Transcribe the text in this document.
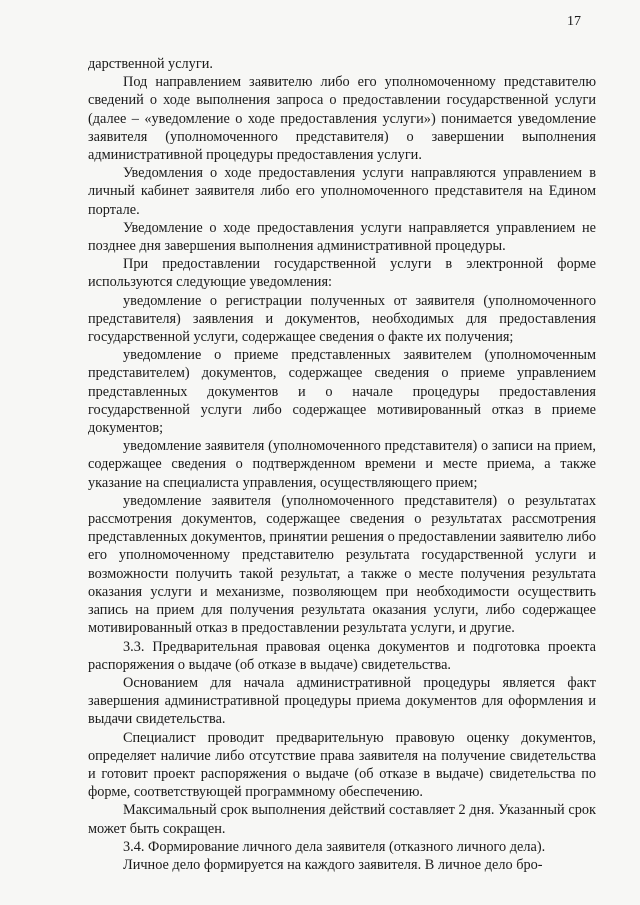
17

дарственной услуги.

Под направлением заявителю либо его уполномоченному представителю сведений о ходе выполнения запроса о предоставлении государственной услуги (далее – «уведомление о ходе предоставления услуги») понимается уведомление заявителя (уполномоченного представителя) о завершении выполнения административной процедуры предоставления услуги.

Уведомления о ходе предоставления услуги направляются управлением в личный кабинет заявителя либо его уполномоченного представителя на Едином портале.

Уведомление о ходе предоставления услуги направляется управлением не позднее дня завершения выполнения административной процедуры.

При предоставлении государственной услуги в электронной форме используются следующие уведомления:

уведомление о регистрации полученных от заявителя (уполномоченного представителя) заявления и документов, необходимых для предоставления государственной услуги, содержащее сведения о факте их получения;

уведомление о приеме представленных заявителем (уполномоченным представителем) документов, содержащее сведения о приеме управлением представленных документов и о начале процедуры предоставления государственной услуги либо содержащее мотивированный отказ в приеме документов;

уведомление заявителя (уполномоченного представителя) о записи на прием, содержащее сведения о подтвержденном времени и месте приема, а также указание на специалиста управления, осуществляющего прием;

уведомление заявителя (уполномоченного представителя) о результатах рассмотрения документов, содержащее сведения о результатах рассмотрения представленных документов, принятии решения о предоставлении заявителю либо его уполномоченному представителю результата государственной услуги и возможности получить такой результат, а также о месте получения результата оказания услуги и механизме, позволяющем при необходимости осуществить запись на прием для получения результата оказания услуги, либо содержащее мотивированный отказ в предоставлении результата услуги, и другие.

3.3. Предварительная правовая оценка документов и подготовка проекта распоряжения о выдаче (об отказе в выдаче) свидетельства.

Основанием для начала административной процедуры является факт завершения административной процедуры приема документов для оформления и выдачи свидетельства.

Специалист проводит предварительную правовую оценку документов, определяет наличие либо отсутствие права заявителя на получение свидетельства и готовит проект распоряжения о выдаче (об отказе в выдаче) свидетельства по форме, соответствующей программному обеспечению.

Максимальный срок выполнения действий составляет 2 дня. Указанный срок может быть сокращен.

3.4. Формирование личного дела заявителя (отказного личного дела).

Личное дело формируется на каждого заявителя. В личное дело бро-
